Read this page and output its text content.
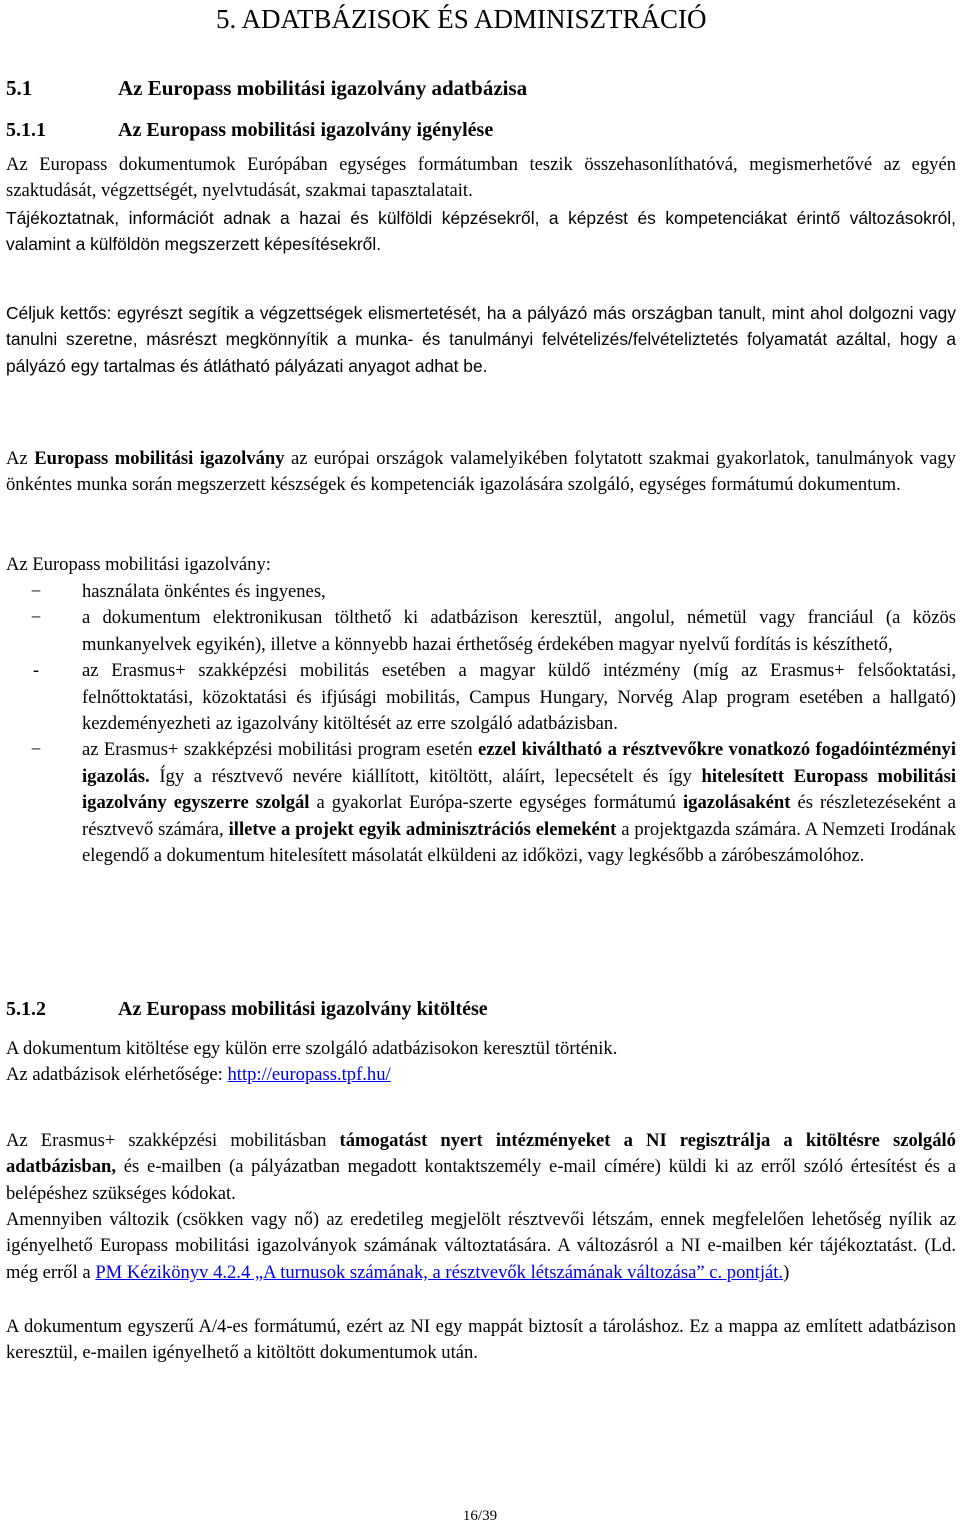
5. ADATBÁZISOK ÉS ADMINISZTRÁCIÓ
5.1	Az Europass mobilitási igazolvány adatbázisa
5.1.1	Az Europass mobilitási igazolvány igénylése

Az Europass dokumentumok Európában egységes formátumban teszik összehasonlíthatóvá, megismerhetővé az egyén szaktudását, végzettségét, nyelvtudását, szakmai tapasztalatait.

Tájékoztatnak, információt adnak a hazai és külföldi képzésekről, a képzést és kompetenciákat érintő változásokról, valamint a külföldön megszerzett képesítésekről.

Céljuk kettős: egyrészt segítik a végzettségek elismertetését, ha a pályázó más országban tanult, mint ahol dolgozni vagy tanulni szeretne, másrészt megkönnyítik a munka- és tanulmányi felvételizés/felvételiztetés folyamatát azáltal, hogy a pályázó egy tartalmas és átlátható pályázati anyagot adhat be.

Az Europass mobilitási igazolvány az európai országok valamelyikében folytatott szakmai gyakorlatok, tanulmányok vagy önkéntes munka során megszerzett készségek és kompetenciák igazolására szolgáló, egységes formátumú dokumentum.

Az Europass mobilitási igazolvány:

−	használata önkéntes és ingyenes,
−	a dokumentum elektronikusan tölthető ki adatbázison keresztül, angolul, németül vagy franciául (a közös munkanyelvek egyikén), illetve a könnyebb hazai érthetőség érdekében magyar nyelvű fordítás is készíthető,
-	az Erasmus+ szakképzési mobilitás esetében a magyar küldő intézmény (míg az Erasmus+ felsőoktatási, felnőttoktatási, közoktatási és ifjúsági mobilitás, Campus Hungary, Norvég Alap program esetében a hallgató) kezdeményezheti az igazolvány kitöltését az erre szolgáló adatbázisban.
−	az Erasmus+ szakképzési mobilitási program esetén ezzel kiváltható a résztvevőkre vonatkozó fogadóintézményi igazolás. Így a résztvevő nevére kiállított, kitöltött, aláírt, lepecsételt és így hitelesített Europass mobilitási igazolvány egyszerre szolgál a gyakorlat Európa-szerte egységes formátumú igazolásaként és részletezéseként a résztvevő számára, illetve a projekt egyik adminisztrációs elemeként a projektgazda számára. A Nemzeti Irodának elegendő a dokumentum hitelesített másolatát elküldeni az időközi, vagy legkésőbb a záróbeszámolóhoz.
5.1.2	Az Europass mobilitási igazolvány kitöltése

A dokumentum kitöltése egy külön erre szolgáló adatbázisokon keresztül történik.

Az adatbázisok elérhetősége: http://europass.tpf.hu/

Az Erasmus+ szakképzési mobilitásban támogatást nyert intézményeket a NI regisztrálja a kitöltésre szolgáló adatbázisban, és e-mailben (a pályázatban megadott kontaktszemély e-mail címére) küldi ki az erről szóló értesítést és a belépéshez szükséges kódokat.

Amennyiben változik (csökken vagy nő) az eredetileg megjelölt résztvevői létszám, ennek megfelelően lehetőség nyílik az igényelhető Europass mobilitási igazolványok számának változtatására. A változásról a NI e-mailben kér tájékoztatást. (Ld. még erről a PM Kézikönyv 4.2.4 „A turnusok számának, a résztvevők létszámának változása” c. pontját.)

A dokumentum egyszerű A/4-es formátumú, ezért az NI egy mappát biztosít a tároláshoz. Ez a mappa az említett adatbázison keresztül, e-mailen igényelhető a kitöltött dokumentumok után.

16/39
